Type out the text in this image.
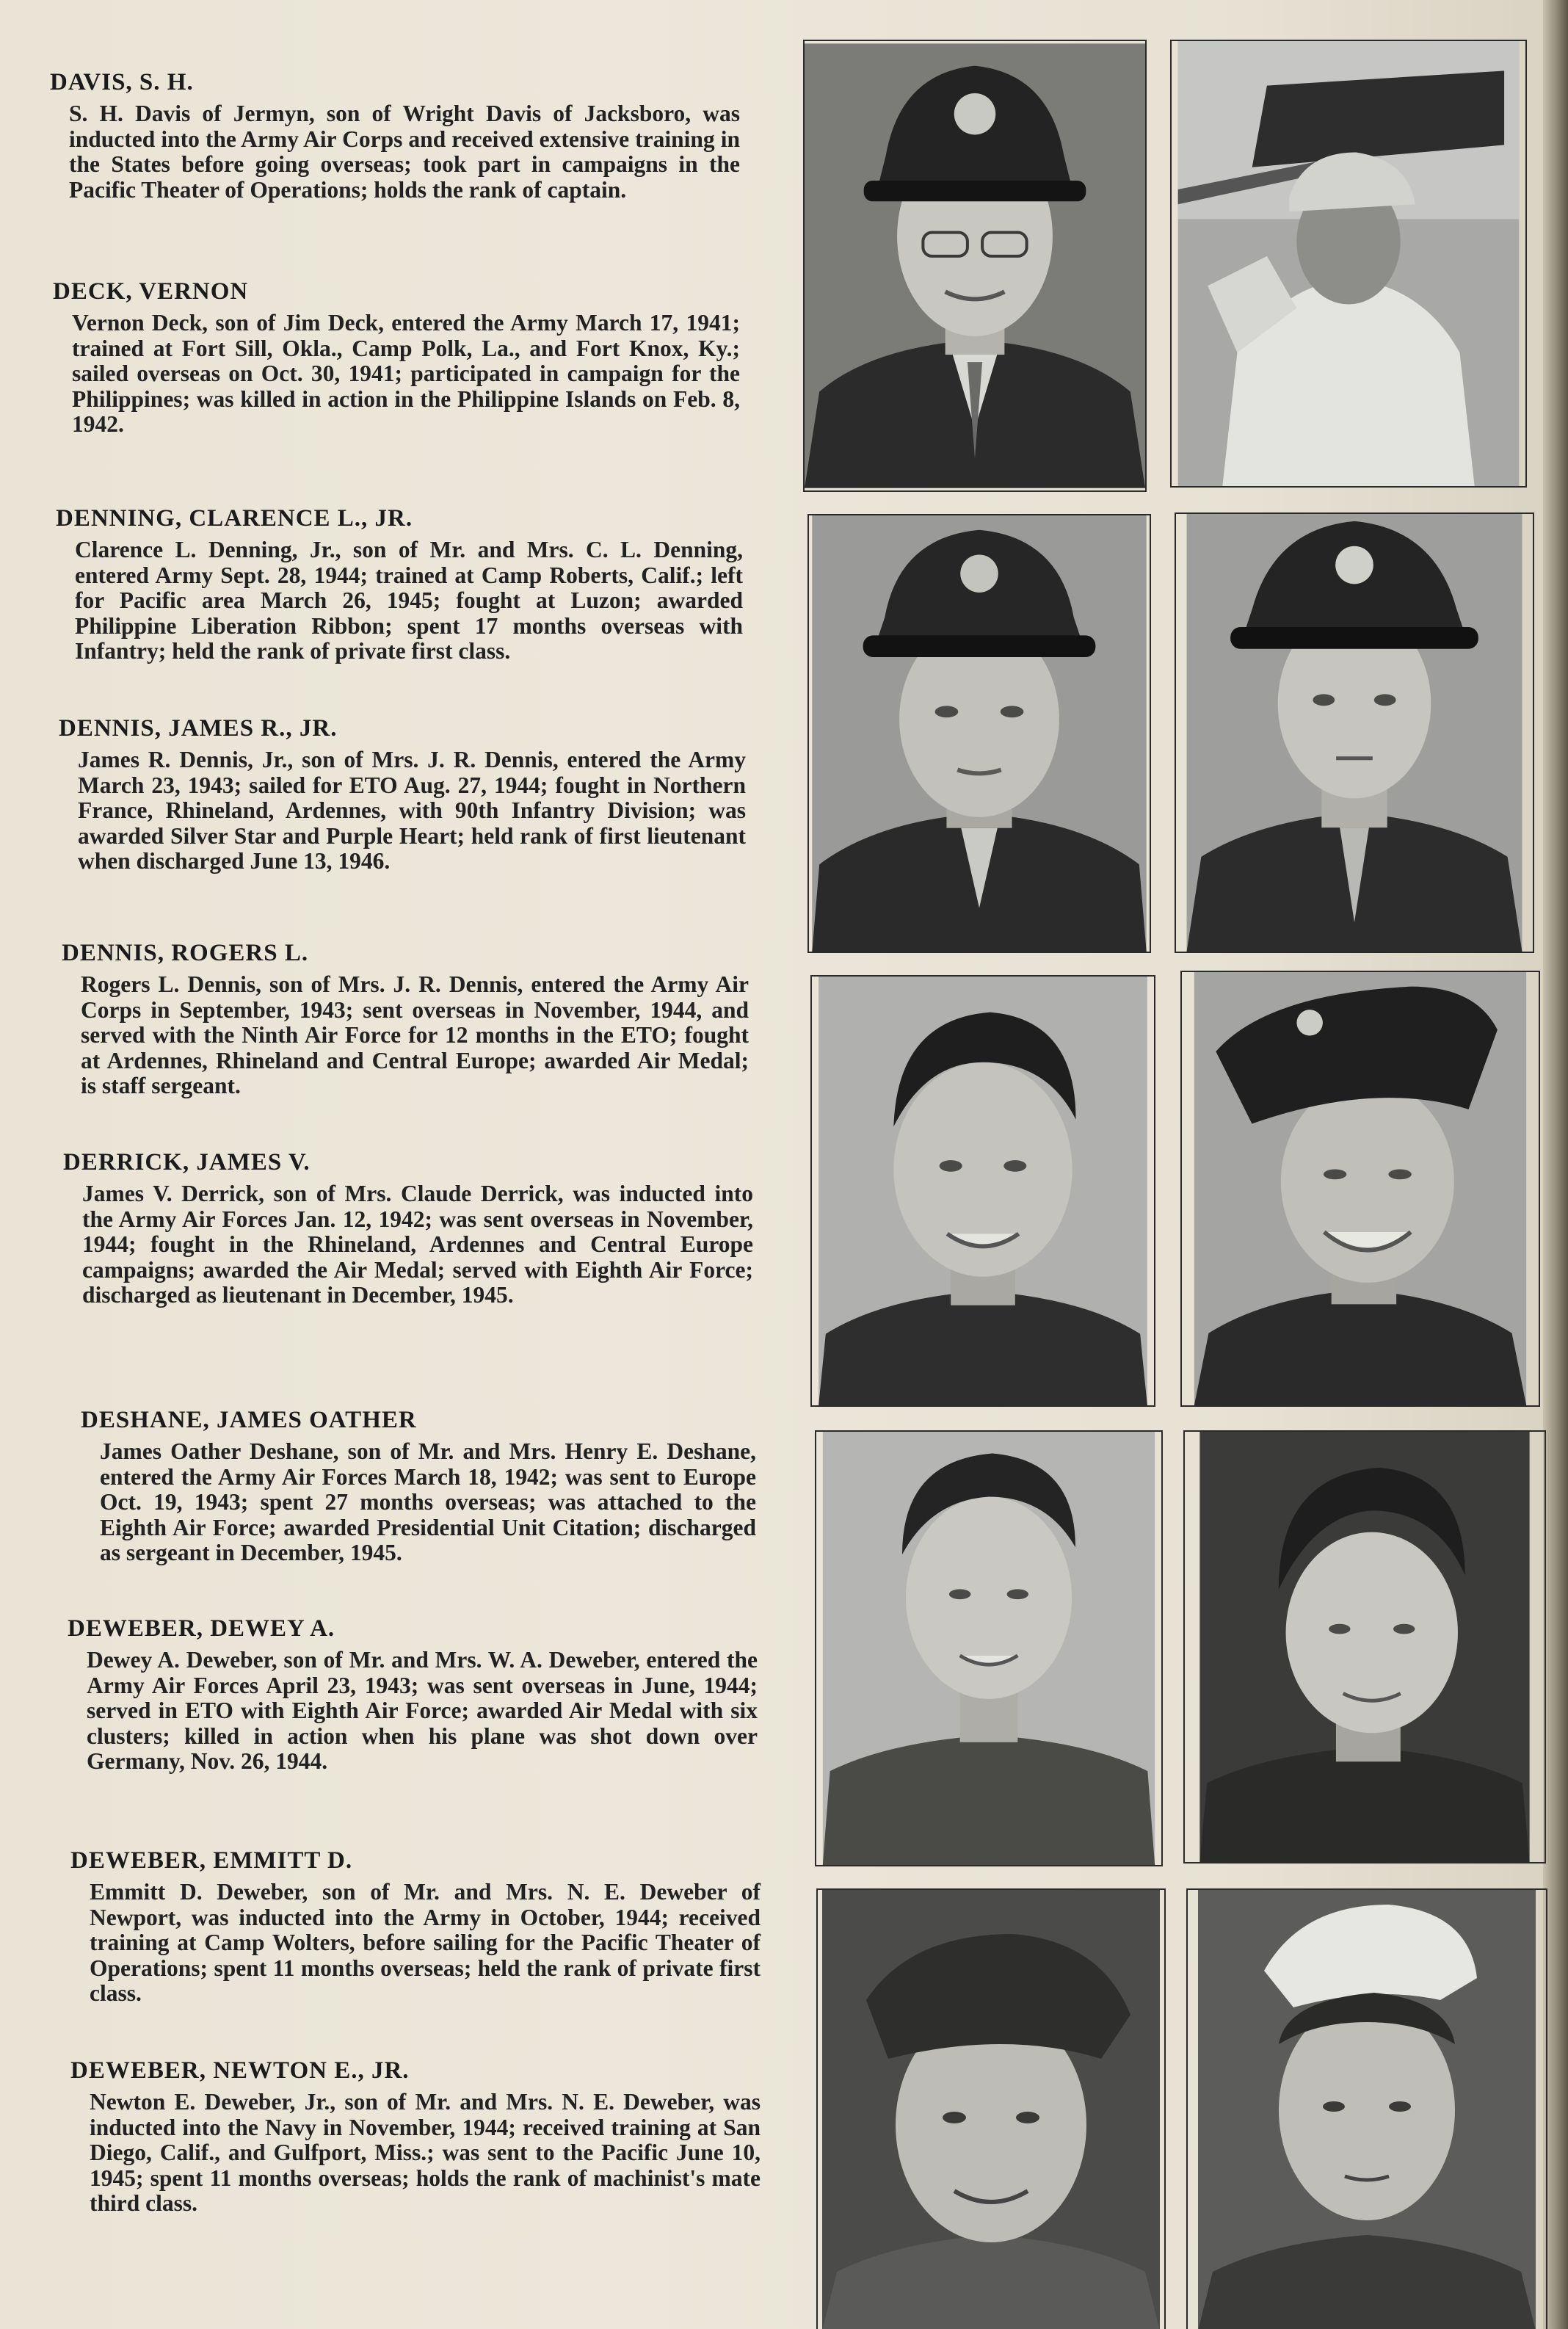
DAVIS, S. H.

S. H. Davis of Jermyn, son of Wright Davis of Jacksboro, was inducted into the Army Air Corps and received extensive training in the States before going overseas; took part in campaigns in the Pacific Theater of Operations; holds the rank of captain.

DECK, VERNON

Vernon Deck, son of Jim Deck, entered the Army March 17, 1941; trained at Fort Sill, Okla., Camp Polk, La., and Fort Knox, Ky.; sailed overseas on Oct. 30, 1941; participated in campaign for the Philippines; was killed in action in the Philippine Islands on Feb. 8, 1942.

DENNING, CLARENCE L., JR.

Clarence L. Denning, Jr., son of Mr. and Mrs. C. L. Denning, entered Army Sept. 28, 1944; trained at Camp Roberts, Calif.; left for Pacific area March 26, 1945; fought at Luzon; awarded Philippine Liberation Ribbon; spent 17 months overseas with Infantry; held the rank of private first class.

DENNIS, JAMES R., JR.

James R. Dennis, Jr., son of Mrs. J. R. Dennis, entered the Army March 23, 1943; sailed for ETO Aug. 27, 1944; fought in Northern France, Rhineland, Ardennes, with 90th Infantry Division; was awarded Silver Star and Purple Heart; held rank of first lieutenant when discharged June 13, 1946.

DENNIS, ROGERS L.

Rogers L. Dennis, son of Mrs. J. R. Dennis, entered the Army Air Corps in September, 1943; sent overseas in November, 1944, and served with the Ninth Air Force for 12 months in the ETO; fought at Ardennes, Rhineland and Central Europe; awarded Air Medal; is staff sergeant.

DERRICK, JAMES V.

James V. Derrick, son of Mrs. Claude Derrick, was inducted into the Army Air Forces Jan. 12, 1942; was sent overseas in November, 1944; fought in the Rhineland, Ardennes and Central Europe campaigns; awarded the Air Medal; served with Eighth Air Force; discharged as lieutenant in December, 1945.

DESHANE, JAMES OATHER

James Oather Deshane, son of Mr. and Mrs. Henry E. Deshane, entered the Army Air Forces March 18, 1942; was sent to Europe Oct. 19, 1943; spent 27 months overseas; was attached to the Eighth Air Force; awarded Presidential Unit Citation; discharged as sergeant in December, 1945.

DEWEBER, DEWEY A.

Dewey A. Deweber, son of Mr. and Mrs. W. A. Deweber, entered the Army Air Forces April 23, 1943; was sent overseas in June, 1944; served in ETO with Eighth Air Force; awarded Air Medal with six clusters; killed in action when his plane was shot down over Germany, Nov. 26, 1944.

DEWEBER, EMMITT D.

Emmitt D. Deweber, son of Mr. and Mrs. N. E. Deweber of Newport, was inducted into the Army in October, 1944; received training at Camp Wolters, before sailing for the Pacific Theater of Operations; spent 11 months overseas; held the rank of private first class.

DEWEBER, NEWTON E., JR.

Newton E. Deweber, Jr., son of Mr. and Mrs. N. E. Deweber, was inducted into the Navy in November, 1944; received training at San Diego, Calif., and Gulfport, Miss.; was sent to the Pacific June 10, 1945; spent 11 months overseas; holds the rank of machinist's mate third class.
